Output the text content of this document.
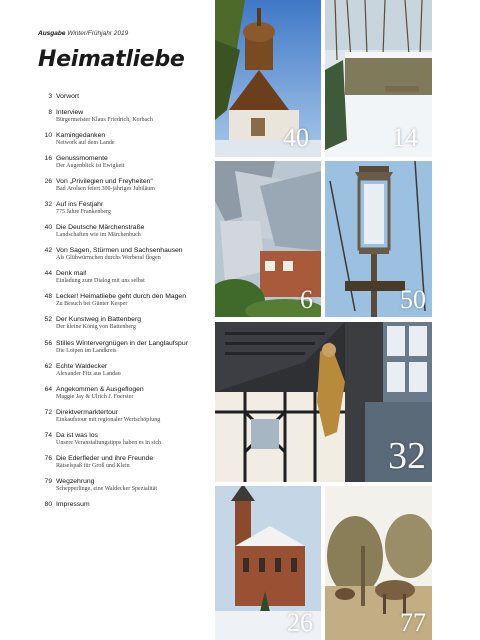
Ausgabe Winter/Frühjahr 2019
Heimatliebe
3 Vorwort
8 Interview
Bürgermeister Klaus Friedrich, Korbach
10 Kamingedanken
Network auf dem Lande
16 Genussmomente
Der Augenblick ist Ewigkeit
26 Von „Privilegien und Freyheiten“
Bad Arolsen feiert 300-jähriges Jubiläum
32 Auf ins Festjahr
775 Jahre Frankenberg
40 Die Deutsche Märchenstraße
Landschaften wie im Märchenbuch
42 Von Sagen, Stürmen und Sachsenhausen
Als Glühwürmchen durchs Werberal flogen
44 Denk mal!
Einladung zum Dialog mit uns selbst
48 Lecker! Heimatliebe geht durch den Magen
Zu Besuch bei Günter Kesper
52 Der Kunstweg in Battenberg
Der kleine König von Battenberg
56 Stilles Wintervergnügen in der Langlaufspur
Die Loipen im Landkreis
62 Echte Waldecker
Alexander Fitz aus Landau
64 Angekommen & Ausgeflogen
Maggie Jay & Ulrich J. Foerster
72 Direktvermarktertour
Einkaufstour mit regionaler Wertschöpfung
74 Da ist was los
Unsere Veranstaltungstipps haben es in sich
76 Die Ederfleder und ihre Freunde
Rätselspaß für Groß und Klein
79 Wegzehrung
Schepperlinge, eine Waldecker Spezialität
80 Impressum
40	14
6	50
32
26	77
